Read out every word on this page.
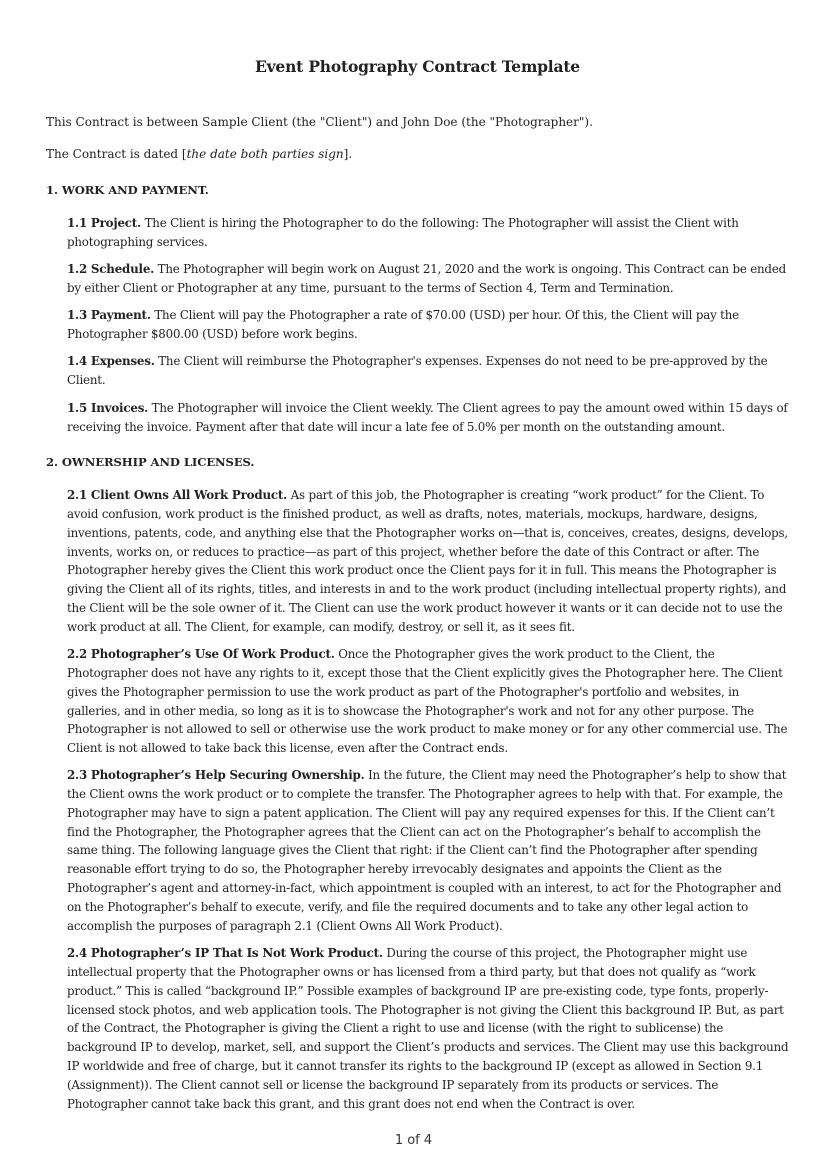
Event Photography Contract Template
This Contract is between Sample Client (the "Client") and John Doe (the "Photographer").
The Contract is dated [the date both parties sign].
1. WORK AND PAYMENT.

1.1 Project. The Client is hiring the Photographer to do the following: The Photographer will assist the Client with photographing services.

1.2 Schedule. The Photographer will begin work on August 21, 2020 and the work is ongoing. This Contract can be ended by either Client or Photographer at any time, pursuant to the terms of Section 4, Term and Termination.

1.3 Payment. The Client will pay the Photographer a rate of $70.00 (USD) per hour. Of this, the Client will pay the Photographer $800.00 (USD) before work begins.

1.4 Expenses. The Client will reimburse the Photographer's expenses. Expenses do not need to be pre-approved by the Client.

1.5 Invoices. The Photographer will invoice the Client weekly. The Client agrees to pay the amount owed within 15 days of receiving the invoice. Payment after that date will incur a late fee of 5.0% per month on the outstanding amount.

2. OWNERSHIP AND LICENSES.

2.1 Client Owns All Work Product. As part of this job, the Photographer is creating “work product” for the Client. To avoid confusion, work product is the finished product, as well as drafts, notes, materials, mockups, hardware, designs, inventions, patents, code, and anything else that the Photographer works on—that is, conceives, creates, designs, develops, invents, works on, or reduces to practice—as part of this project, whether before the date of this Contract or after. The Photographer hereby gives the Client this work product once the Client pays for it in full. This means the Photographer is giving the Client all of its rights, titles, and interests in and to the work product (including intellectual property rights), and the Client will be the sole owner of it. The Client can use the work product however it wants or it can decide not to use the work product at all. The Client, for example, can modify, destroy, or sell it, as it sees fit.

2.2 Photographer’s Use Of Work Product. Once the Photographer gives the work product to the Client, the Photographer does not have any rights to it, except those that the Client explicitly gives the Photographer here. The Client gives the Photographer permission to use the work product as part of the Photographer's portfolio and websites, in galleries, and in other media, so long as it is to showcase the Photographer's work and not for any other purpose. The Photographer is not allowed to sell or otherwise use the work product to make money or for any other commercial use. The Client is not allowed to take back this license, even after the Contract ends.

2.3 Photographer’s Help Securing Ownership. In the future, the Client may need the Photographer’s help to show that the Client owns the work product or to complete the transfer. The Photographer agrees to help with that. For example, the Photographer may have to sign a patent application. The Client will pay any required expenses for this. If the Client can’t find the Photographer, the Photographer agrees that the Client can act on the Photographer’s behalf to accomplish the same thing. The following language gives the Client that right: if the Client can’t find the Photographer after spending reasonable effort trying to do so, the Photographer hereby irrevocably designates and appoints the Client as the Photographer’s agent and attorney-in-fact, which appointment is coupled with an interest, to act for the Photographer and on the Photographer’s behalf to execute, verify, and file the required documents and to take any other legal action to accomplish the purposes of paragraph 2.1 (Client Owns All Work Product).

2.4 Photographer’s IP That Is Not Work Product. During the course of this project, the Photographer might use intellectual property that the Photographer owns or has licensed from a third party, but that does not qualify as “work product.” This is called “background IP.” Possible examples of background IP are pre-existing code, type fonts, properly-licensed stock photos, and web application tools. The Photographer is not giving the Client this background IP. But, as part of the Contract, the Photographer is giving the Client a right to use and license (with the right to sublicense) the background IP to develop, market, sell, and support the Client’s products and services. The Client may use this background IP worldwide and free of charge, but it cannot transfer its rights to the background IP (except as allowed in Section 9.1 (Assignment)). The Client cannot sell or license the background IP separately from its products or services. The Photographer cannot take back this grant, and this grant does not end when the Contract is over.

1 of 4
